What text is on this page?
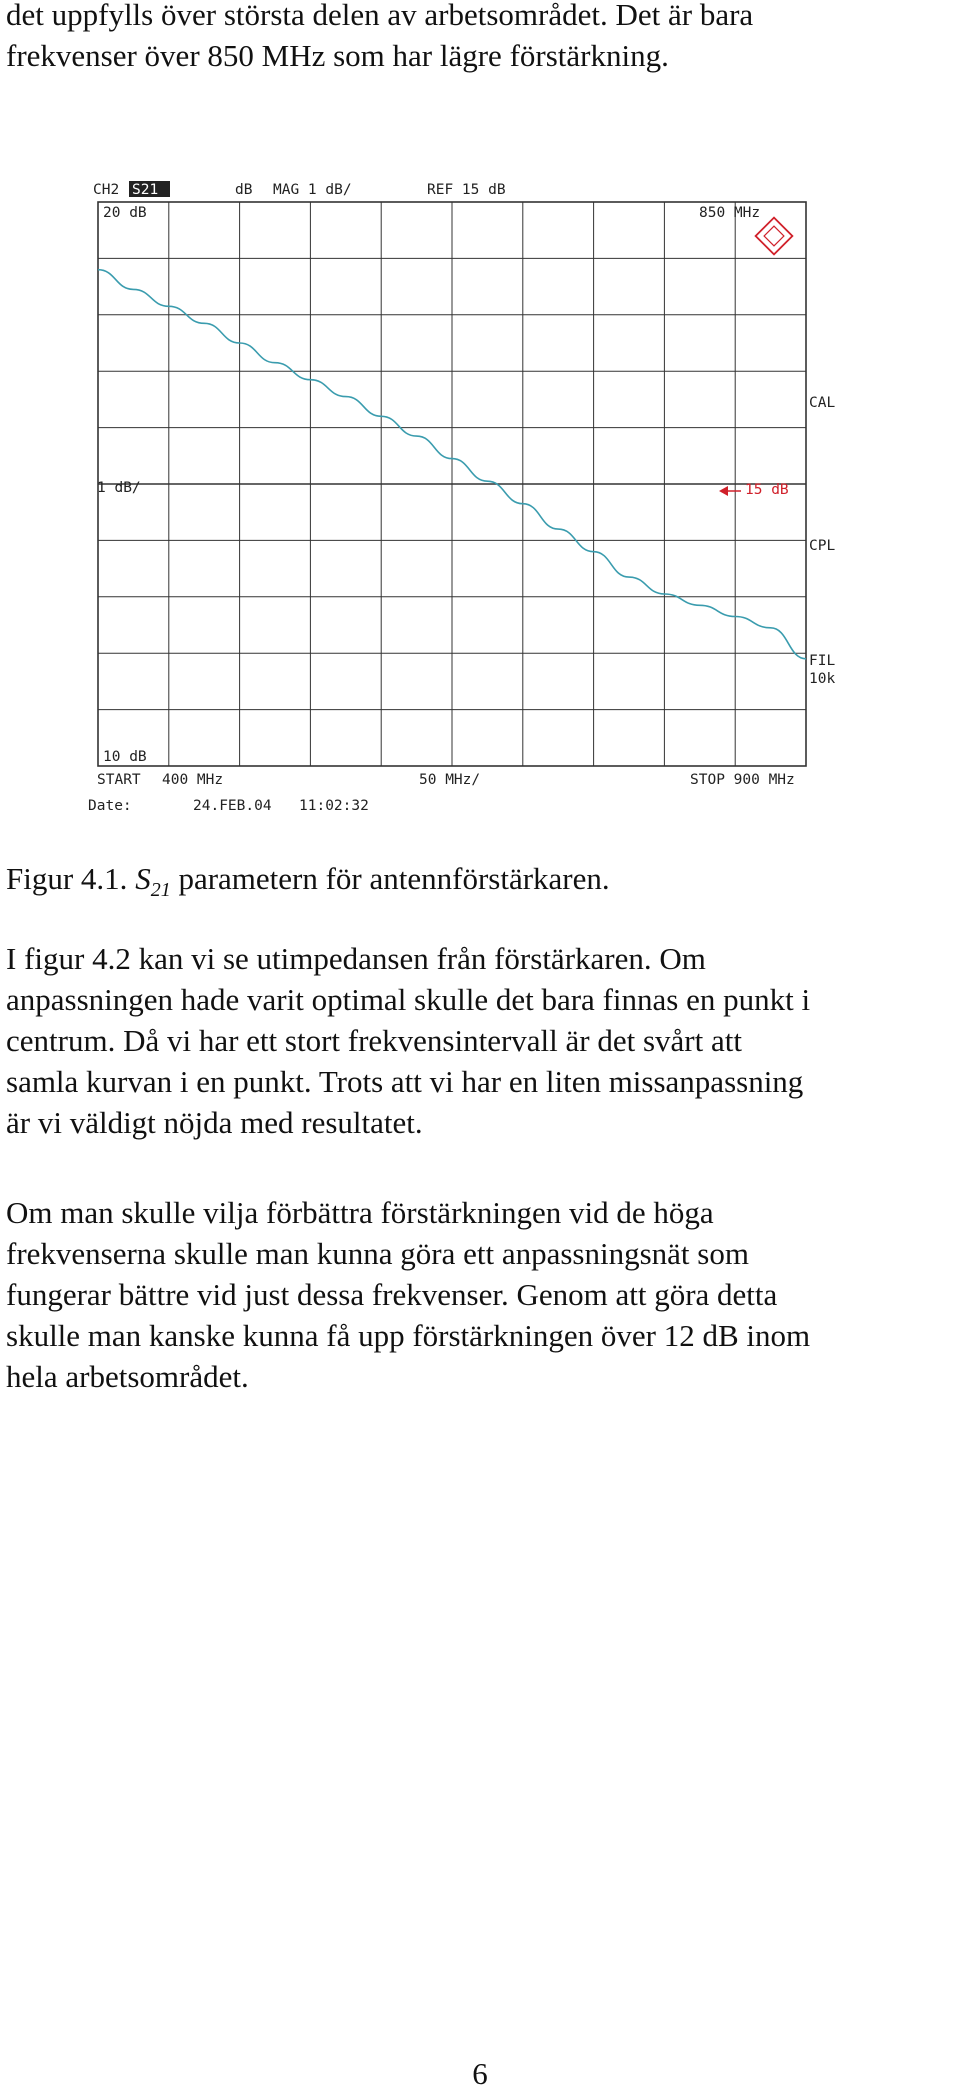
det uppfylls över största delen av arbetsområdet. Det är bara
frekvenser över 850 MHz som har lägre förstärkning.

CH2 S21	dB MAG 1 dB/	REF 15 dB
20 dB	850 MHz
1 dB/	15 dB
CAL
CPL
FIL
10k
10 dB
START 400 MHz	50 MHz/	STOP 900 MHz
Date:	24.FEB.04 11:02:32

Figur 4.1. $S_{21}$ parametern för antennförstärkaren.

I figur 4.2 kan vi se utimpedansen från förstärkaren. Om
anpassningen hade varit optimal skulle det bara finnas en punkt i
centrum. Då vi har ett stort frekvensintervall är det svårt att
samla kurvan i en punkt. Trots att vi har en liten missanpassning
är vi väldigt nöjda med resultatet.

Om man skulle vilja förbättra förstärkningen vid de höga
frekvenserna skulle man kunna göra ett anpassningsnät som
fungerar bättre vid just dessa frekvenser. Genom att göra detta
skulle man kanske kunna få upp förstärkningen över 12 dB inom
hela arbetsområdet.

6
